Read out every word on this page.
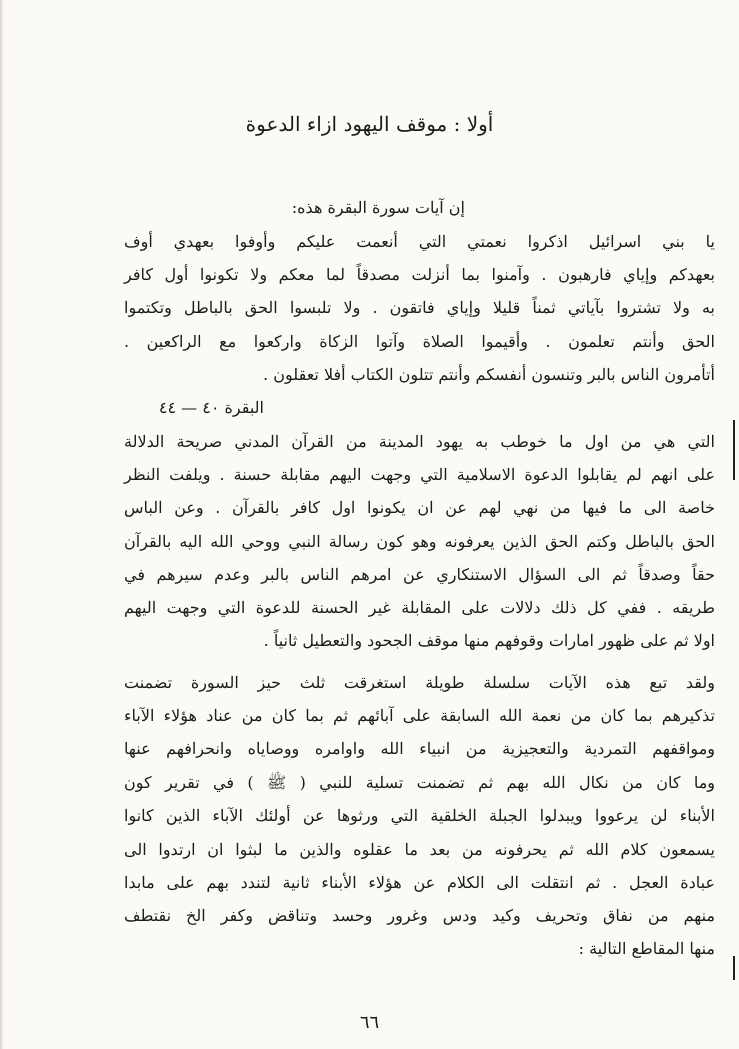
أولا : موقف اليهود ازاء الدعوة
إن آيات سورة البقرة هذه:
يا بني اسرائيل اذكروا نعمتي التي أنعمت عليكم وأوفوا بعهدي أوف
بعهدكم وإياي فارهبون . وآمنوا بما أنزلت مصدقاً لما معكم ولا تكونوا أول كافر
به ولا تشتروا بآياتي ثمناً قليلا وإياي فاتقون . ولا تلبسوا الحق بالباطل وتكتموا
الحق وأنتم تعلمون . وأقيموا الصلاة وآتوا الزكاة واركعوا مع الراكعين .
أتأمرون الناس بالبر وتنسون أنفسكم وأنتم تتلون الكتاب أفلا تعقلون .
البقرة ٤٠ — ٤٤
التي هي من اول ما خوطب به يهود المدينة من القرآن المدني صريحة الدلالة
على انهم لم يقابلوا الدعوة الاسلامية التي وجهت اليهم مقابلة حسنة . ويلفت النظر
خاصة الى ما فيها من نهي لهم عن ان يكونوا اول كافر بالقرآن . وعن الباس
الحق بالباطل وكتم الحق الذين يعرفونه وهو كون رسالة النبي ووحي الله اليه بالقرآن
حقاً وصدقاً ثم الى السؤال الاستنكاري عن امرهم الناس بالبر وعدم سيرهم في
طريقه . ففي كل ذلك دلالات على المقابلة غير الحسنة للدعوة التي وجهت اليهم
اولا ثم على ظهور امارات وقوفهم منها موقف الجحود والتعطيل ثانياً .
ولقد تبع هذه الآيات سلسلة طويلة استغرقت ثلث حيز السورة تضمنت
تذكيرهم بما كان من نعمة الله السابقة على آبائهم ثم بما كان من عناد هؤلاء الآباء
ومواقفهم التمردية والتعجيزية من انبياء الله واوامره ووصاياه وانحرافهم عنها
وما كان من نكال الله بهم ثم تضمنت تسلية للنبي ( ﷺ ) في تقرير كون
الأبناء لن يرعووا ويبدلوا الجبلة الخلقية التي ورثوها عن أولئك الآباء الذين كانوا
يسمعون كلام الله ثم يحرفونه من بعد ما عقلوه والذين ما لبثوا ان ارتدوا الى
عبادة العجل . ثم انتقلت الى الكلام عن هؤلاء الأبناء ثانية لتندد بهم على مابدا
منهم من نفاق وتحريف وكيد ودس وغرور وحسد وتناقض وكفر الخ نقتطف
منها المقاطع التالية :
٦٦
